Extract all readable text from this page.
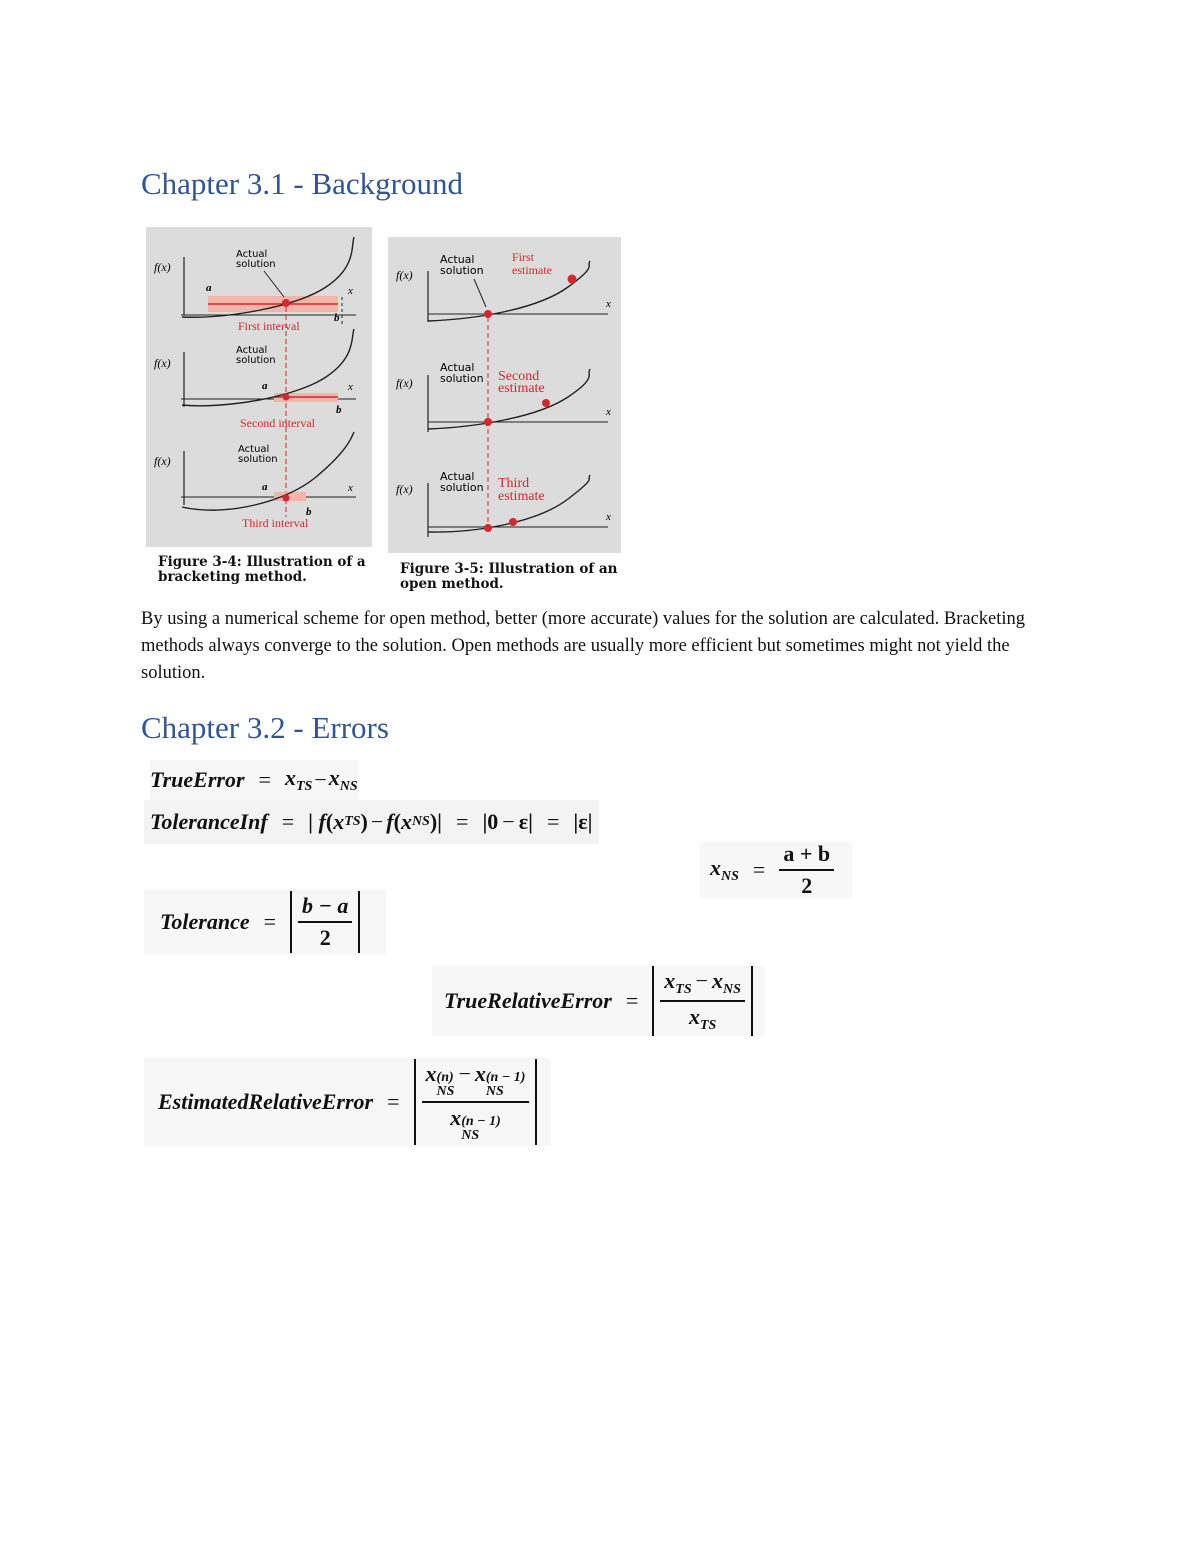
Chapter 3.1 - Background
f(x)
x
a
b
Actual
solution
First interval
f(x)
x
a
b
Actual
solution
Second interval
f(x)
x
a
b
Actual
solution
Third interval
Figure 3-4: Illustration of a
bracketing method.
f(x)
x
Actual
solution
First
estimate
f(x)
x
Actual
solution Second
estimate
f(x)
x
Actual
solution Third
estimate
Figure 3-5: Illustration of an
open method.

By using a numerical scheme for open method, better (more accurate) values for the solution are calculated. Bracketing methods always converge to the solution. Open methods are usually more efficient but sometimes might not yield the solution.

Chapter 3.2 - Errors
TrueError = $x_{TS} - x_{NS}$
ToleranceInf = | f ( x TS ) − f ( x NS )| = | 0 − ε | = | ε |
$x_{NS} = \frac{a + b}{2}$
Tolerance = $\frac{b - a}{2}$
TrueRelativeError = $\frac{x_{TS} - x_{NS}}{x_{TS}}$
EstimatedRelativeError = x (n)
NS
− x (n − 1)
NS
x (n − 1)
NS
